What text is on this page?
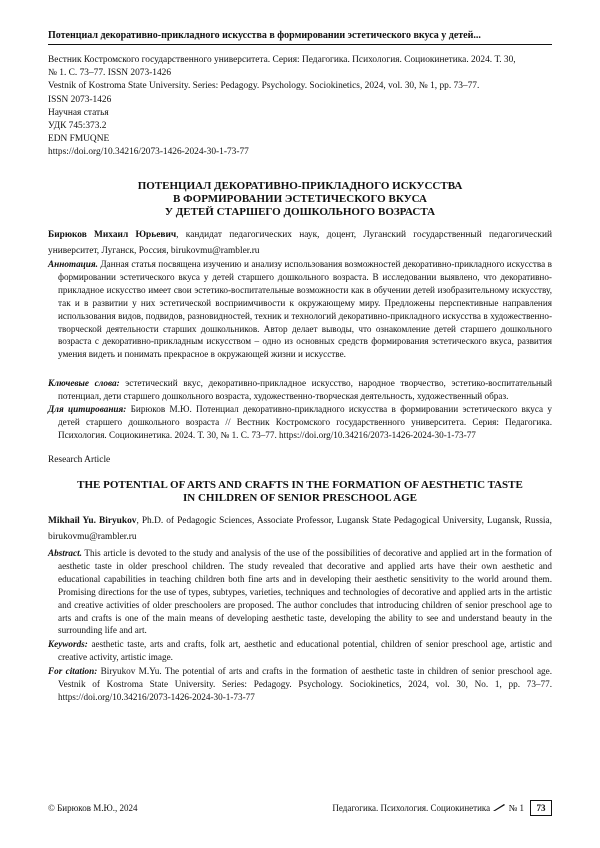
Потенциал декоративно-прикладного искусства в формировании эстетического вкуса у детей...
Вестник Костромского государственного университета. Серия: Педагогика. Психология. Социокинетика. 2024. Т. 30,
№ 1. С. 73–77. ISSN 2073-1426
Vestnik of Kostroma State University. Series: Pedagogy. Psychology. Sociokinetics, 2024, vol. 30, № 1, pp. 73–77.
ISSN 2073-1426
Научная статья
УДК 745:373.2
EDN FMUQNE
https://doi.org/10.34216/2073-1426-2024-30-1-73-77
ПОТЕНЦИАЛ ДЕКОРАТИВНО-ПРИКЛАДНОГО ИСКУССТВА
В ФОРМИРОВАНИИ ЭСТЕТИЧЕСКОГО ВКУСА
У ДЕТЕЙ СТАРШЕГО ДОШКОЛЬНОГО ВОЗРАСТА
Бирюков Михаил Юрьевич, кандидат педагогических наук, доцент, Луганский государственный педагогический университет, Луганск, Россия, birukovmu@rambler.ru
Аннотация. Данная статья посвящена изучению и анализу использования возможностей декоративно-прикладного искусства в формировании эстетического вкуса у детей старшего дошкольного возраста. В исследовании выявлено, что декоративно-прикладное искусство имеет свои эстетико-воспитательные возможности как в обучении детей изобразительному искусству, так и в развитии у них эстетической восприимчивости к окружающему миру. Предложены перспективные направления использования видов, подвидов, разновидностей, техник и технологий декоративно-прикладного искусства в художественно-творческой деятельности старших дошкольников. Автор делает выводы, что ознакомление детей старшего дошкольного возраста с декоративно-прикладным искусством – одно из основных средств формирования эстетического вкуса, развития умения видеть и понимать прекрасное в окружающей жизни и искусстве.
Ключевые слова: эстетический вкус, декоративно-прикладное искусство, народное творчество, эстетико-воспитательный потенциал, дети старшего дошкольного возраста, художественно-творческая деятельность, художественный образ.
Для цитирования: Бирюков М.Ю. Потенциал декоративно-прикладного искусства в формировании эстетического вкуса у детей старшего дошкольного возраста // Вестник Костромского государственного университета. Серия: Педагогика. Психология. Социокинетика. 2024. Т. 30, № 1. С. 73–77. https://doi.org/10.34216/2073-1426-2024-30-1-73-77
Research Article
THE POTENTIAL OF ARTS AND CRAFTS IN THE FORMATION OF AESTHETIC TASTE
IN CHILDREN OF SENIOR PRESCHOOL AGE
Mikhail Yu. Biryukov, Ph.D. of Pedagogic Sciences, Associate Professor, Lugansk State Pedagogical University, Lugansk, Russia, birukovmu@rambler.ru
Abstract. This article is devoted to the study and analysis of the use of the possibilities of decorative and applied art in the formation of aesthetic taste in older preschool children. The study revealed that decorative and applied arts have their own aesthetic and educational capabilities in teaching children both fine arts and in developing their aesthetic sensitivity to the world around them. Promising directions for the use of types, subtypes, varieties, techniques and technologies of decorative and applied arts in the artistic and creative activities of older preschoolers are proposed. The author concludes that introducing children of senior preschool age to arts and crafts is one of the main means of developing aesthetic taste, developing the ability to see and understand beauty in the surrounding life and art.
Keywords: aesthetic taste, arts and crafts, folk art, aesthetic and educational potential, children of senior preschool age, artistic and creative activity, artistic image.
For citation: Biryukov M.Yu. The potential of arts and crafts in the formation of aesthetic taste in children of senior preschool age. Vestnik of Kostroma State University. Series: Pedagogy. Psychology. Sociokinetics, 2024, vol. 30, No. 1, pp. 73–77. https://doi.org/10.34216/2073-1426-2024-30-1-73-77
© Бирюков М.Ю., 2024	Педагогика. Психология. Социокинетика № 1	73
